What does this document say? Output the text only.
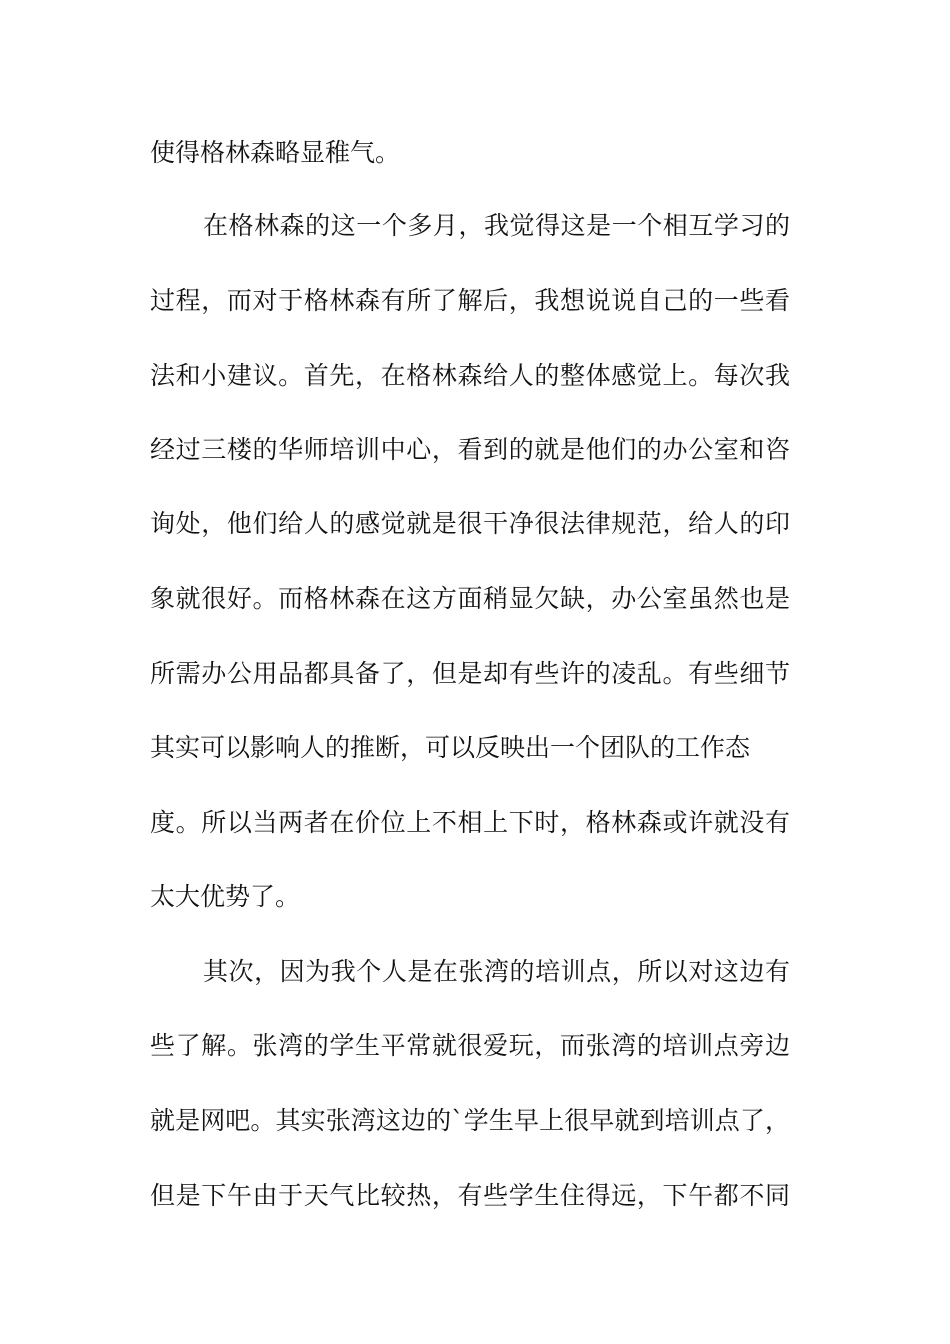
使得格林森略显稚气。

在格林森的这一个多月，我觉得这是一个相互学习的

过程，而对于格林森有所了解后，我想说说自己的一些看

法和小建议。首先，在格林森给人的整体感觉上。每次我

经过三楼的华师培训中心，看到的就是他们的办公室和咨

询处，他们给人的感觉就是很干净很法律规范，给人的印

象就很好。而格林森在这方面稍显欠缺，办公室虽然也是

所需办公用品都具备了，但是却有些许的凌乱。有些细节

其实可以影响人的推断，可以反映出一个团队的工作态

度。所以当两者在价位上不相上下时，格林森或许就没有

太大优势了。

其次，因为我个人是在张湾的培训点，所以对这边有

些了解。张湾的学生平常就很爱玩，而张湾的培训点旁边

就是网吧。其实张湾这边的`学生早上很早就到培训点了，

但是下午由于天气比较热，有些学生住得远，下午都不同
